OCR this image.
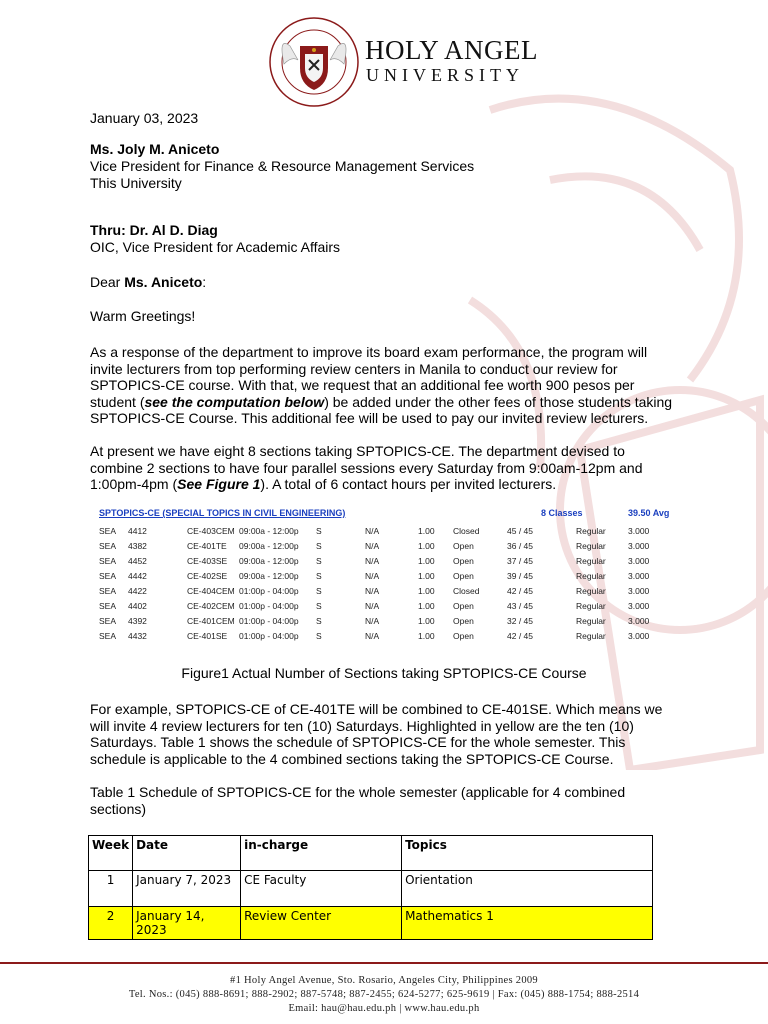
HOLY ANGEL
UNIVERSITY
January 03, 2023
Ms. Joly M. Aniceto
Vice President for Finance & Resource Management Services
This University
Thru: Dr. Al D. Diag
OIC, Vice President for Academic Affairs
Dear Ms. Aniceto:
Warm Greetings!
As a response of the department to improve its board exam performance, the program will invite lecturers from top performing review centers in Manila to conduct our review for SPTOPICS-CE course. With that, we request that an additional fee worth 900 pesos per student (see the computation below) be added under the other fees of those students taking SPTOPICS-CE Course. This additional fee will be used to pay our invited review lecturers.
At present we have eight 8 sections taking SPTOPICS-CE. The department devised to combine 2 sections to have four parallel sessions every Saturday from 9:00am-12pm and 1:00pm-4pm (See Figure 1). A total of 6 contact hours per invited lecturers.
SPTOPICS-CE (SPECIAL TOPICS IN CIVIL ENGINEERING)	8 Classes	39.50 Avg
SEA 4412	CE-403CEM 09:00a - 12:00p S	N/A	1.00 Closed	45 / 45	Regular	3.000
SEA 4382	CE-401TE 09:00a - 12:00p S	N/A	1.00 Open	36 / 45	Regular	3.000
SEA 4452	CE-403SE 09:00a - 12:00p S	N/A	1.00 Open	37 / 45	Regular	3.000
SEA 4442	CE-402SE 09:00a - 12:00p S	N/A	1.00 Open	39 / 45	Regular	3.000
SEA 4422	CE-404CEM 01:00p - 04:00p S	N/A	1.00 Closed	42 / 45	Regular	3.000
SEA 4402	CE-402CEM 01:00p - 04:00p S	N/A	1.00 Open	43 / 45	Regular	3.000
SEA 4392	CE-401CEM 01:00p - 04:00p S	N/A	1.00 Open	32 / 45	Regular	3.000
SEA 4432	CE-401SE 01:00p - 04:00p S	N/A	1.00 Open	42 / 45	Regular	3.000
Figure1 Actual Number of Sections taking SPTOPICS-CE Course
For example, SPTOPICS-CE of CE-401TE will be combined to CE-401SE. Which means we will invite 4 review lecturers for ten (10) Saturdays. Highlighted in yellow are the ten (10) Saturdays. Table 1 shows the schedule of SPTOPICS-CE for the whole semester. This schedule is applicable to the 4 combined sections taking the SPTOPICS-CE Course.
Table 1 Schedule of SPTOPICS-CE for the whole semester (applicable for 4 combined sections)
Week	Date	in-charge	Topics
1	January 7, 2023	CE Faculty	Orientation
2	January 14, 2023	Review Center	Mathematics 1
#1 Holy Angel Avenue, Sto. Rosario, Angeles City, Philippines 2009
Tel. Nos.: (045) 888-8691; 888-2902; 887-5748; 887-2455; 624-5277; 625-9619 | Fax: (045) 888-1754; 888-2514
Email: hau@hau.edu.ph | www.hau.edu.ph
